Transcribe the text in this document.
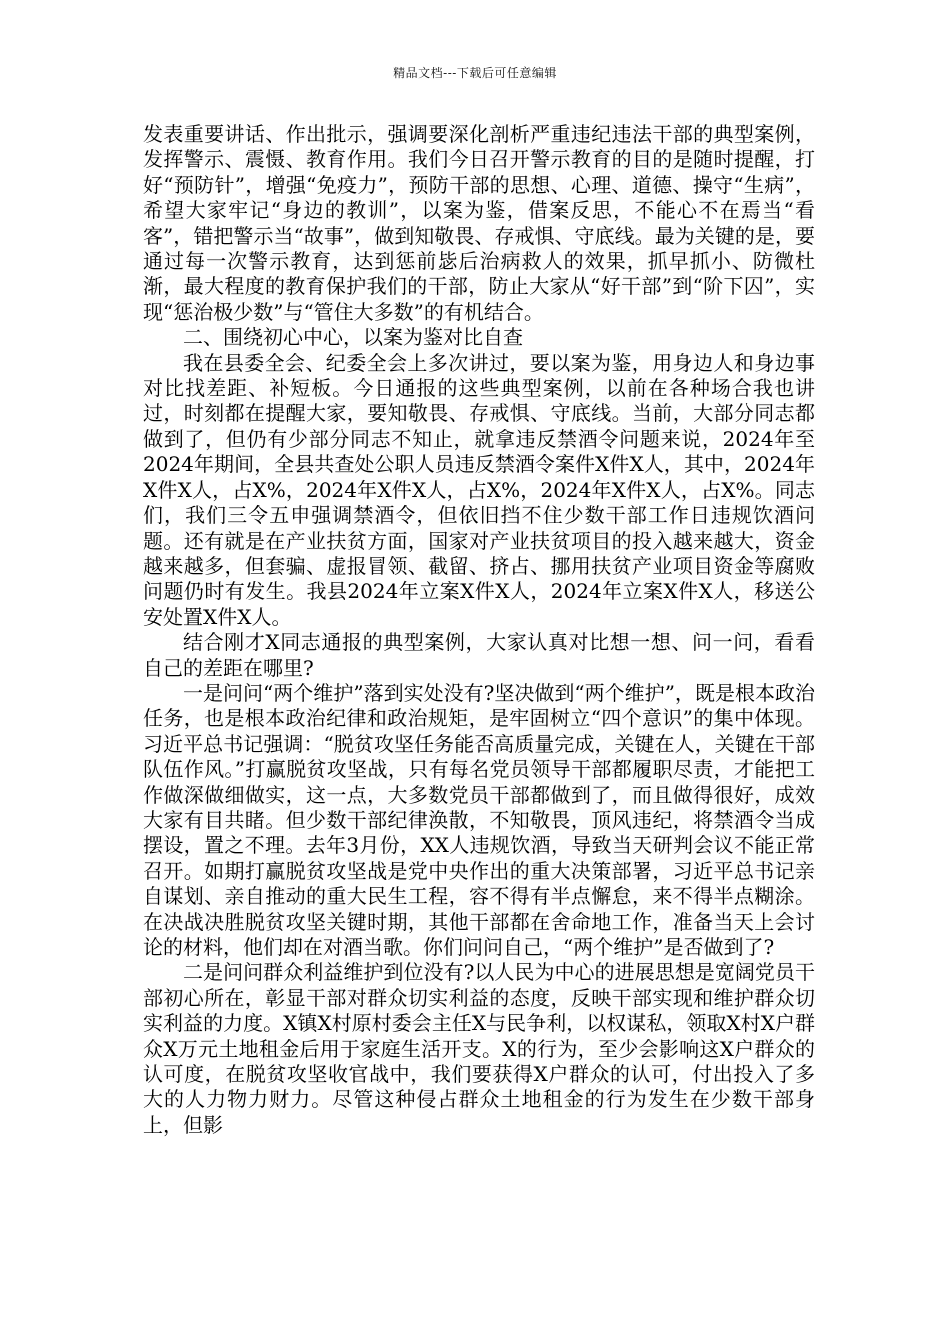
精品文档---下载后可任意编辑

发表重要讲话、作出批示，强调要深化剖析严重违纪违法干部的典型案例，发挥警示、震慑、教育作用。我们今日召开警示教育的目的是随时提醒，打好“预防针”，增强“免疫力”，预防干部的思想、心理、道德、操守“生病”，希望大家牢记“身边的教训”，以案为鉴，借案反思，不能心不在焉当“看客”，错把警示当“故事”，做到知敬畏、存戒惧、守底线。最为关键的是，要通过每一次警示教育，达到惩前毖后治病救人的效果，抓早抓小、防微杜渐，最大程度的教育保护我们的干部，防止大家从“好干部”到“阶下囚”，实现“惩治极少数”与“管住大多数”的有机结合。

二、围绕初心中心，以案为鉴对比自查

我在县委全会、纪委全会上多次讲过，要以案为鉴，用身边人和身边事对比找差距、补短板。今日通报的这些典型案例，以前在各种场合我也讲过，时刻都在提醒大家，要知敬畏、存戒惧、守底线。当前，大部分同志都做到了，但仍有少部分同志不知止，就拿违反禁酒令问题来说，2024年至2024年期间，全县共查处公职人员违反禁酒令案件X件X人，其中，2024年X件X人，占X%，2024年X件X人，占X%，2024年X件X人，占X%。同志们，我们三令五申强调禁酒令，但依旧挡不住少数干部工作日违规饮酒问题。还有就是在产业扶贫方面，国家对产业扶贫项目的投入越来越大，资金越来越多，但套骗、虚报冒领、截留、挤占、挪用扶贫产业项目资金等腐败问题仍时有发生。我县2024年立案X件X人，2024年立案X件X人，移送公安处置X件X人。

结合刚才X同志通报的典型案例，大家认真对比想一想、问一问，看看自己的差距在哪里?

一是问问“两个维护”落到实处没有?坚决做到“两个维护”，既是根本政治任务，也是根本政治纪律和政治规矩，是牢固树立“四个意识”的集中体现。习近平总书记强调：“脱贫攻坚任务能否高质量完成，关键在人，关键在干部队伍作风。”打赢脱贫攻坚战，只有每名党员领导干部都履职尽责，才能把工作做深做细做实，这一点，大多数党员干部都做到了，而且做得很好，成效大家有目共睹。但少数干部纪律涣散，不知敬畏，顶风违纪，将禁酒令当成摆设，置之不理。去年3月份，XX人违规饮酒，导致当天研判会议不能正常召开。如期打赢脱贫攻坚战是党中央作出的重大决策部署，习近平总书记亲自谋划、亲自推动的重大民生工程，容不得有半点懈怠，来不得半点糊涂。在决战决胜脱贫攻坚关键时期，其他干部都在舍命地工作，准备当天上会讨论的材料，他们却在对酒当歌。你们问问自己，“两个维护”是否做到了?

二是问问群众利益维护到位没有?以人民为中心的进展思想是宽阔党员干部初心所在，彰显干部对群众切实利益的态度，反映干部实现和维护群众切实利益的力度。X镇X村原村委会主任X与民争利，以权谋私，领取X村X户群众X万元土地租金后用于家庭生活开支。X的行为，至少会影响这X户群众的认可度，在脱贫攻坚收官战中，我们要获得X户群众的认可，付出投入了多大的人力物力财力。尽管这种侵占群众土地租金的行为发生在少数干部身上，但影
